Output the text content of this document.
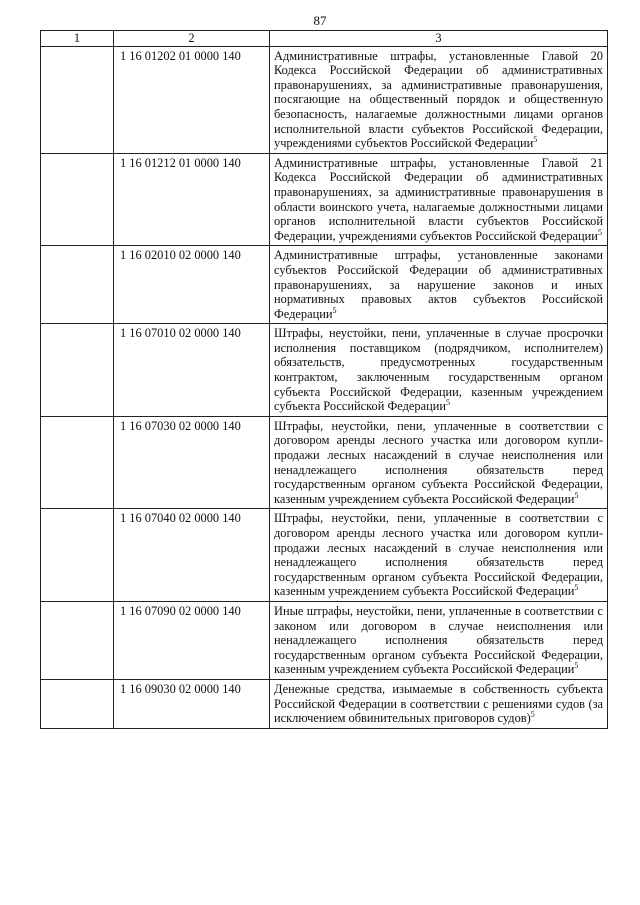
87
1	2	3
	1 16 01202 01 0000 140	Административные штрафы, установленные Главой 20 Кодекса Российской Федерации об административных правонарушениях, за административные правонарушения, посягающие на общественный порядок и общественную безопасность, налагаемые должностными лицами органов исполнительной власти субъектов Российской Федерации, учреждениями субъектов Российской Федерации$^5$

	1 16 01212 01 0000 140	Административные штрафы, установленные Главой 21 Кодекса Российской Федерации об административных правонарушениях, за административные правонарушения в области воинского учета, налагаемые должностными лицами органов исполнительной власти субъектов Российской Федерации, учреждениями субъектов Российской Федерации$^5$

	1 16 02010 02 0000 140	Административные штрафы, установленные законами субъектов Российской Федерации об административных правонарушениях, за нарушение законов и иных нормативных правовых актов субъектов Российской Федерации$^5$

	1 16 07010 02 0000 140	Штрафы, неустойки, пени, уплаченные в случае просрочки исполнения поставщиком (подрядчиком, исполнителем) обязательств, предусмотренных государственным контрактом, заключенным государственным органом субъекта Российской Федерации, казенным учреждением субъекта Российской Федерации$^5$

	1 16 07030 02 0000 140	Штрафы, неустойки, пени, уплаченные в соответствии с договором аренды лесного участка или договором купли-продажи лесных насаждений в случае неисполнения или ненадлежащего исполнения обязательств перед государственным органом субъекта Российской Федерации, казенным учреждением субъекта Российской Федерации$^5$

	1 16 07040 02 0000 140	Штрафы, неустойки, пени, уплаченные в соответствии с договором аренды лесного участка или договором купли-продажи лесных насаждений в случае неисполнения или ненадлежащего исполнения обязательств перед государственным органом субъекта Российской Федерации, казенным учреждением субъекта Российской Федерации$^5$

	1 16 07090 02 0000 140	Иные штрафы, неустойки, пени, уплаченные в соответствии с законом или договором в случае неисполнения или ненадлежащего исполнения обязательств перед государственным органом субъекта Российской Федерации, казенным учреждением субъекта Российской Федерации$^5$

	1 16 09030 02 0000 140	Денежные средства, изымаемые в собственность субъекта Российской Федерации в соответствии с решениями судов (за исключением обвинительных приговоров судов)$^5$
